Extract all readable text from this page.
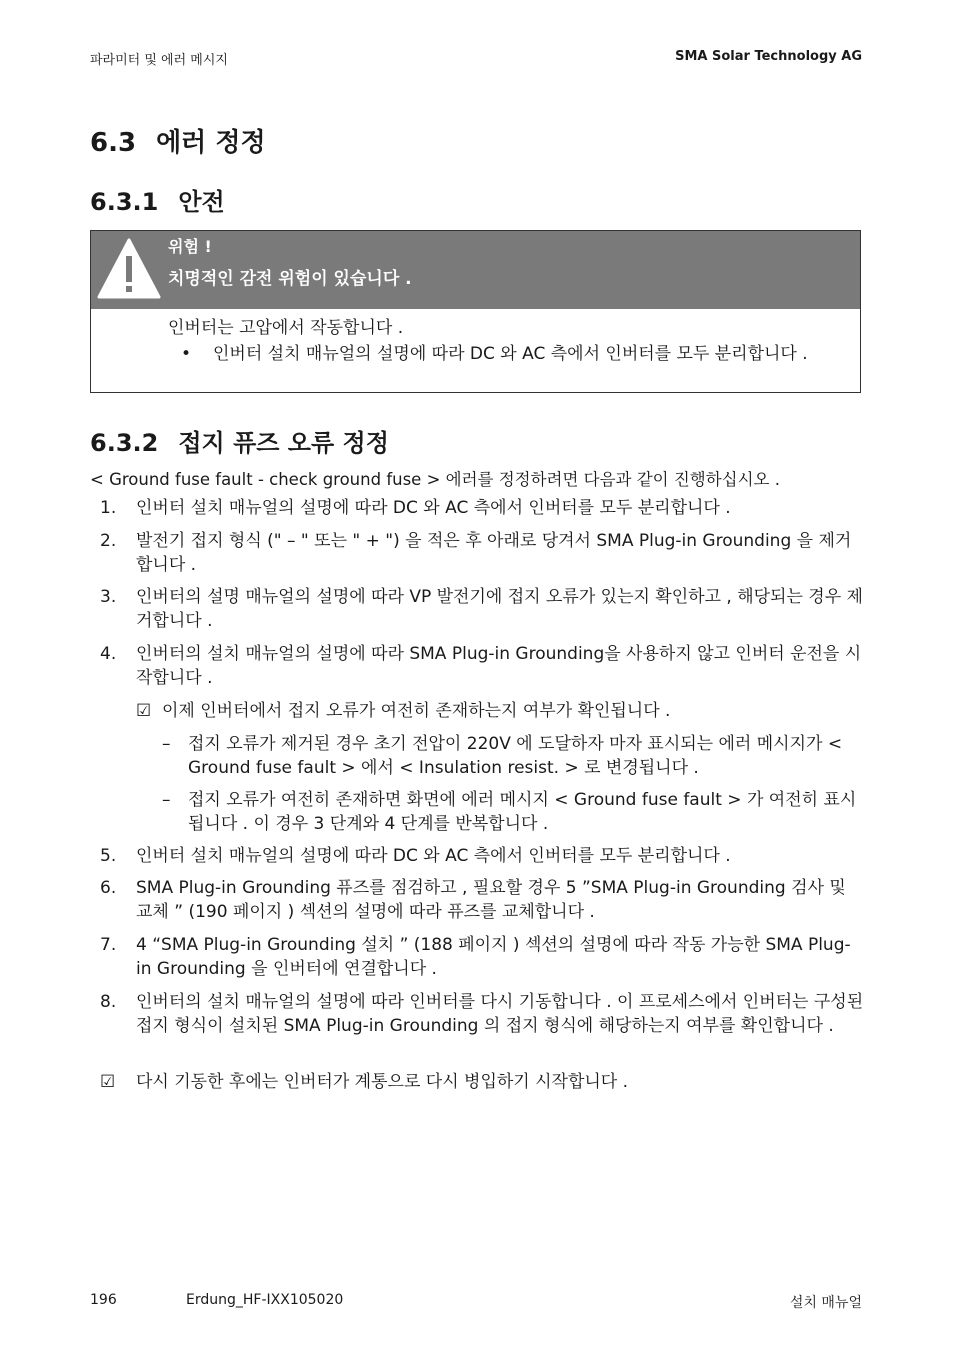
파라미터 및 에러 메시지	SMA Solar Technology AG
6.3 에러 정정
6.3.1 안전
위험 !
치명적인 감전 위험이 있습니다 .
인버터는 고압에서 작동합니다 .
• 인버터 설치 매뉴얼의 설명에 따라 DC 와 AC 측에서 인버터를 모두 분리합니다 .
6.3.2 접지 퓨즈 오류 정정
< Ground fuse fault - check ground fuse > 에러를 정정하려면 다음과 같이 진행하십시오 .
1. 인버터 설치 매뉴얼의 설명에 따라 DC 와 AC 측에서 인버터를 모두 분리합니다 .
2. 발전기 접지 형식 (" – " 또는 " + ") 을 적은 후 아래로 당겨서 SMA Plug-in Grounding 을 제거합니다 .
3. 인버터의 설명 매뉴얼의 설명에 따라 VP 발전기에 접지 오류가 있는지 확인하고 , 해당되는 경우 제거합니다 .
4. 인버터의 설치 매뉴얼의 설명에 따라 SMA Plug-in Grounding을 사용하지 않고 인버터 운전을 시작합니다 .
☑ 이제 인버터에서 접지 오류가 여전히 존재하는지 여부가 확인됩니다 .
– 접지 오류가 제거된 경우 초기 전압이 220V 에 도달하자 마자 표시되는 에러 메시지가 < Ground fuse fault > 에서 < Insulation resist. > 로 변경됩니다 .
– 접지 오류가 여전히 존재하면 화면에 에러 메시지 < Ground fuse fault > 가 여전히 표시됩니다 . 이 경우 3 단계와 4 단계를 반복합니다 .
5. 인버터 설치 매뉴얼의 설명에 따라 DC 와 AC 측에서 인버터를 모두 분리합니다 .
6. SMA Plug-in Grounding 퓨즈를 점검하고 , 필요할 경우 5 ”SMA Plug-in Grounding 검사 및 교체 ” (190 페이지 ) 섹션의 설명에 따라 퓨즈를 교체합니다 .
7. 4 “SMA Plug-in Grounding 설치 ” (188 페이지 ) 섹션의 설명에 따라 작동 가능한 SMA Plug-in Grounding 을 인버터에 연결합니다 .
8. 인버터의 설치 매뉴얼의 설명에 따라 인버터를 다시 기동합니다 . 이 프로세스에서 인버터는 구성된 접지 형식이 설치된 SMA Plug-in Grounding 의 접지 형식에 해당하는지 여부를 확인합니다 .
☑ 다시 기동한 후에는 인버터가 계통으로 다시 병입하기 시작합니다 .
196	Erdung_HF-IXX105020	설치 매뉴얼
